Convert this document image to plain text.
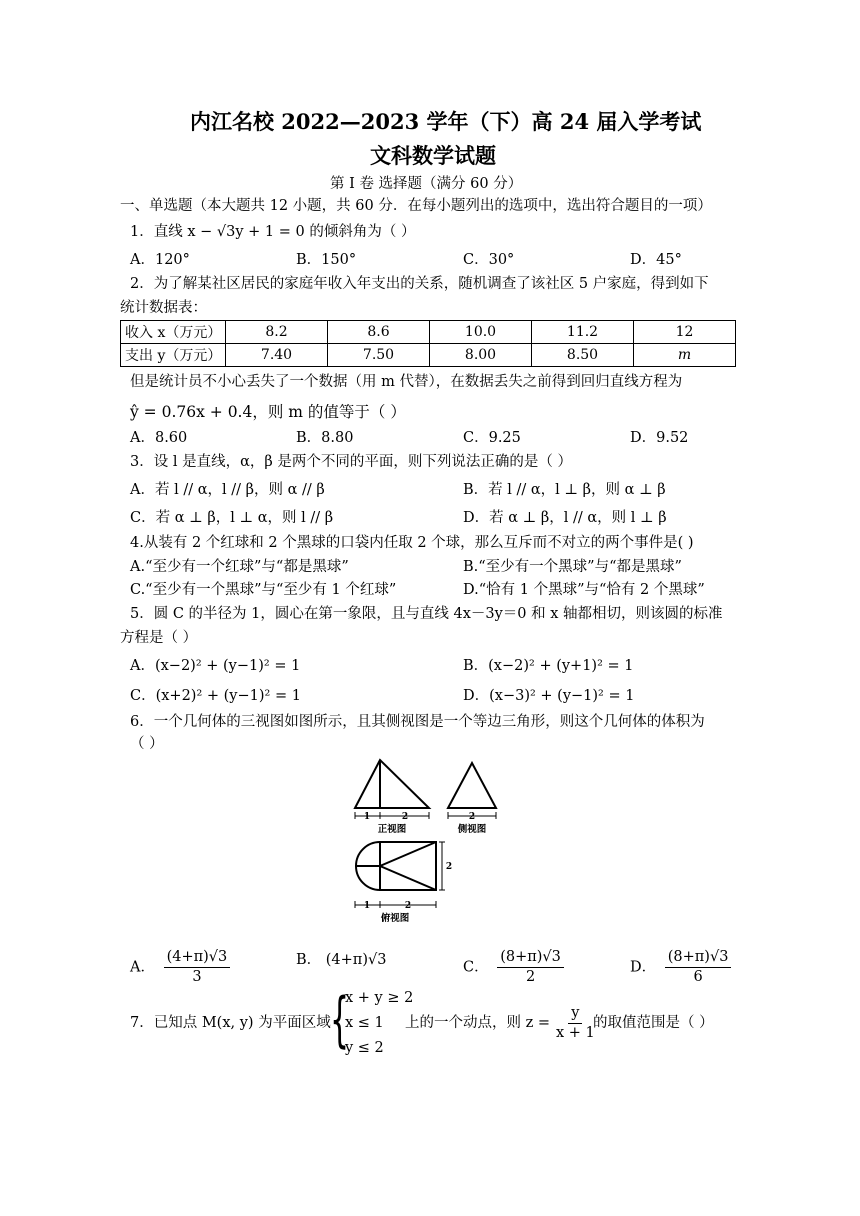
内江名校 2022—2023 学年（下）高 24 届入学考试
文科数学试题
第 I 卷 选择题（满分 60 分）
一、单选题（本大题共 12 小题，共 60 分．在每小题列出的选项中，选出符合题目的一项）
1．直线 x − √3y + 1 = 0 的倾斜角为（ ）
A．120°	B．150°	C．30°	D．45°
2．为了解某社区居民的家庭年收入年支出的关系，随机调查了该社区 5 户家庭，得到如下
统计数据表：
收入 x（万元）	8.2	8.6	10.0	11.2	12
支出 y（万元）	7.40	7.50	8.00	8.50	m
但是统计员不小心丢失了一个数据（用 m 代替），在数据丢失之前得到回归直线方程为
ŷ = 0.76x + 0.4，则 m 的值等于（ ）
A．8.60	B．8.80	C．9.25	D．9.52
3．设 l 是直线，α，β 是两个不同的平面，则下列说法正确的是（ ）
A．若 l // α，l // β，则 α // β	B．若 l // α，l ⊥ β，则 α ⊥ β
C．若 α ⊥ β，l ⊥ α，则 l // β	D．若 α ⊥ β，l // α，则 l ⊥ β
4.从装有 2 个红球和 2 个黑球的口袋内任取 2 个球，那么互斥而不对立的两个事件是( )
A.“至少有一个红球”与“都是黑球”	B.“至少有一个黑球”与“都是黑球”
C.“至少有一个黑球”与“至少有 1 个红球”	D.“恰有 1 个黑球”与“恰有 2 个黑球”
5．圆 C 的半径为 1，圆心在第一象限，且与直线 4x－3y＝0 和 x 轴都相切，则该圆的标准
方程是（ ）
A．(x−2)² + (y−1)² = 1	B．(x−2)² + (y+1)² = 1
C．(x+2)² + (y−1)² = 1	D．(x−3)² + (y−1)² = 1
6．一个几何体的三视图如图所示，且其侧视图是一个等边三角形，则这个几何体的体积为
（ ）
1	2
正视图
2
侧视图
1	2
2
俯视图
A． $\frac{(4+\pi)√3}{3}$	B． (4+π)√3	C． $\frac{(8+\pi)√3}{2}$	D． $\frac{(8+\pi)√3}{6}$
7．已知点 M(x, y) 为平面区域 {
x + y ≥ 2
x ≤ 1
y ≤ 2
上的一个动点，则 $z = \frac{y}{x + 1}$
的取值范围是（ ）
